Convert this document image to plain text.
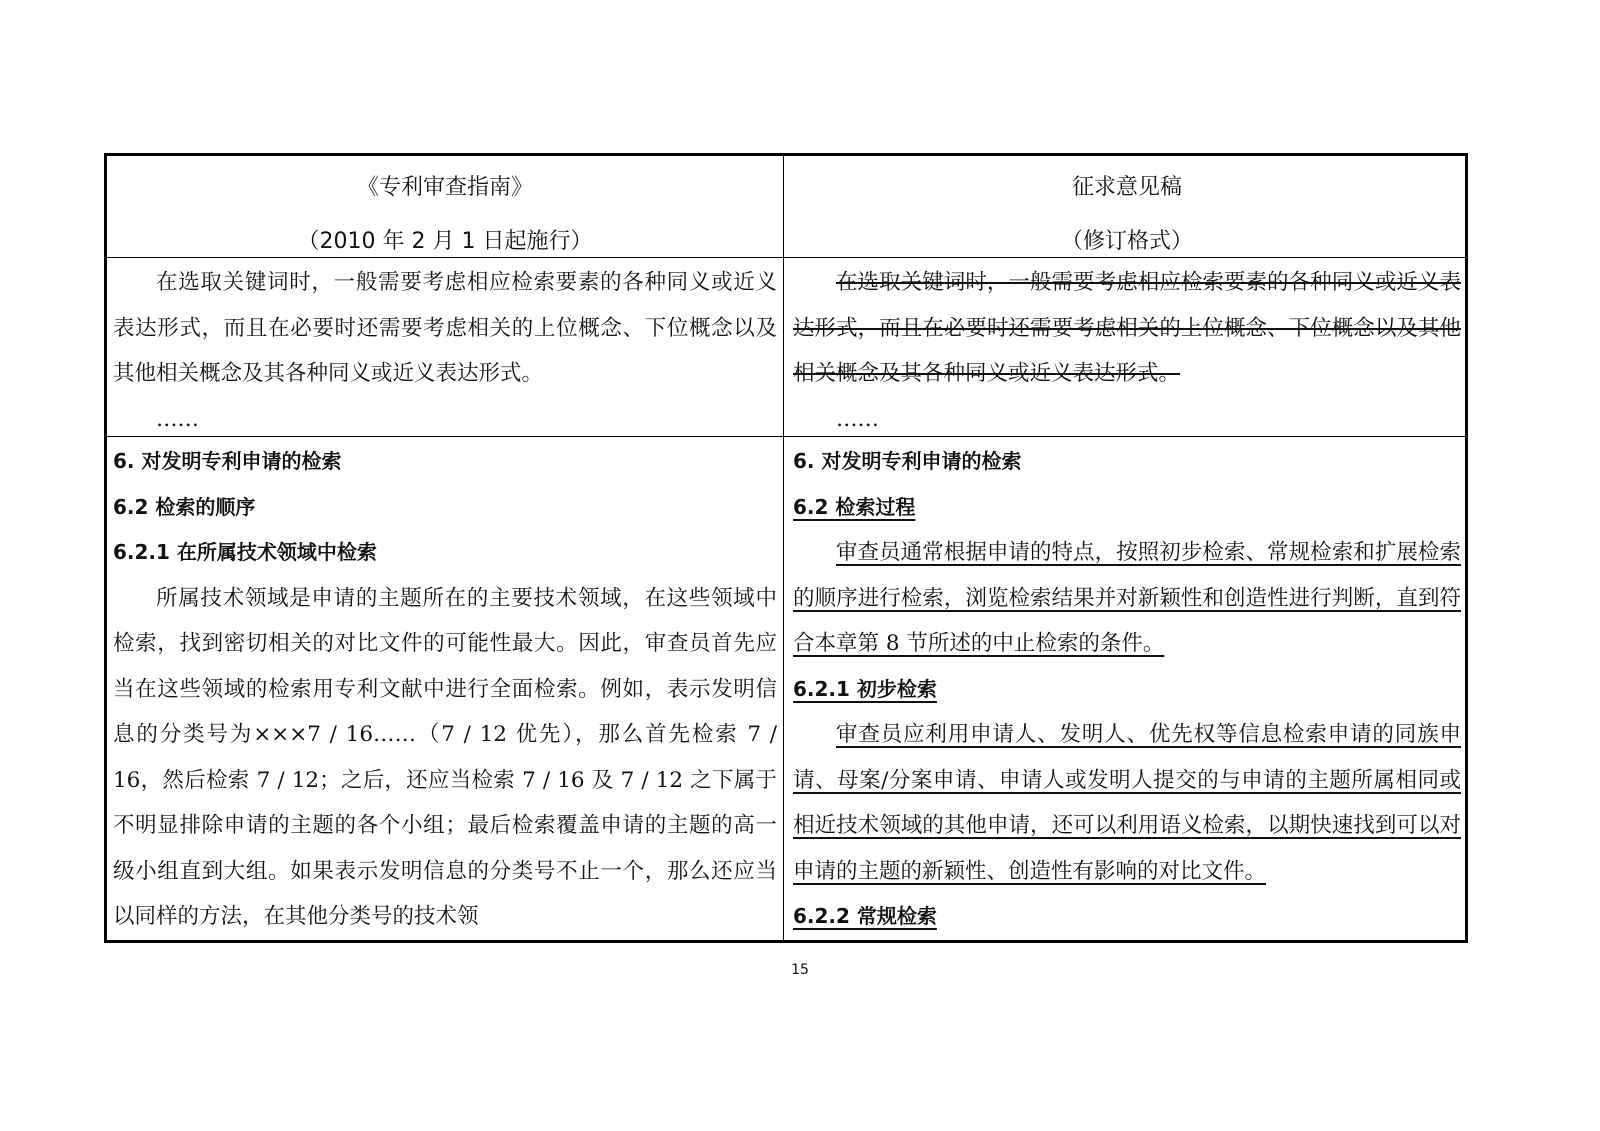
《专利审查指南》
（2010 年 2 月 1 日起施行）
征求意见稿
（修订格式）

在选取关键词时，一般需要考虑相应检索要素的各种同义或近义表达形式，而且在必要时还需要考虑相关的上位概念、下位概念以及其他相关概念及其各种同义或近义表达形式。

……

在选取关键词时，一般需要考虑相应检索要素的各种同义或近义表达形式，而且在必要时还需要考虑相关的上位概念、下位概念以及其他相关概念及其各种同义或近义表达形式。

……

6. 对发明专利申请的检索

6.2 检索的顺序

6.2.1 在所属技术领域中检索

所属技术领域是申请的主题所在的主要技术领域，在这些领域中检索，找到密切相关的对比文件的可能性最大。因此，审查员首先应当在这些领域的检索用专利文献中进行全面检索。例如，表示发明信息的分类号为×××7 / 16……（7 / 12 优先），那么首先检索 7 / 16，然后检索 7 / 12；之后，还应当检索 7 / 16 及 7 / 12 之下属于不明显排除申请的主题的各个小组；最后检索覆盖申请的主题的高一级小组直到大组。如果表示发明信息的分类号不止一个，那么还应当以同样的方法，在其他分类号的技术领

6. 对发明专利申请的检索

6.2 检索过程

审查员通常根据申请的特点，按照初步检索、常规检索和扩展检索的顺序进行检索，浏览检索结果并对新颖性和创造性进行判断，直到符合本章第 8 节所述的中止检索的条件。

6.2.1 初步检索

审查员应利用申请人、发明人、优先权等信息检索申请的同族申请、母案/分案申请、申请人或发明人提交的与申请的主题所属相同或相近技术领域的其他申请，还可以利用语义检索，以期快速找到可以对申请的主题的新颖性、创造性有影响的对比文件。

6.2.2 常规检索

15
